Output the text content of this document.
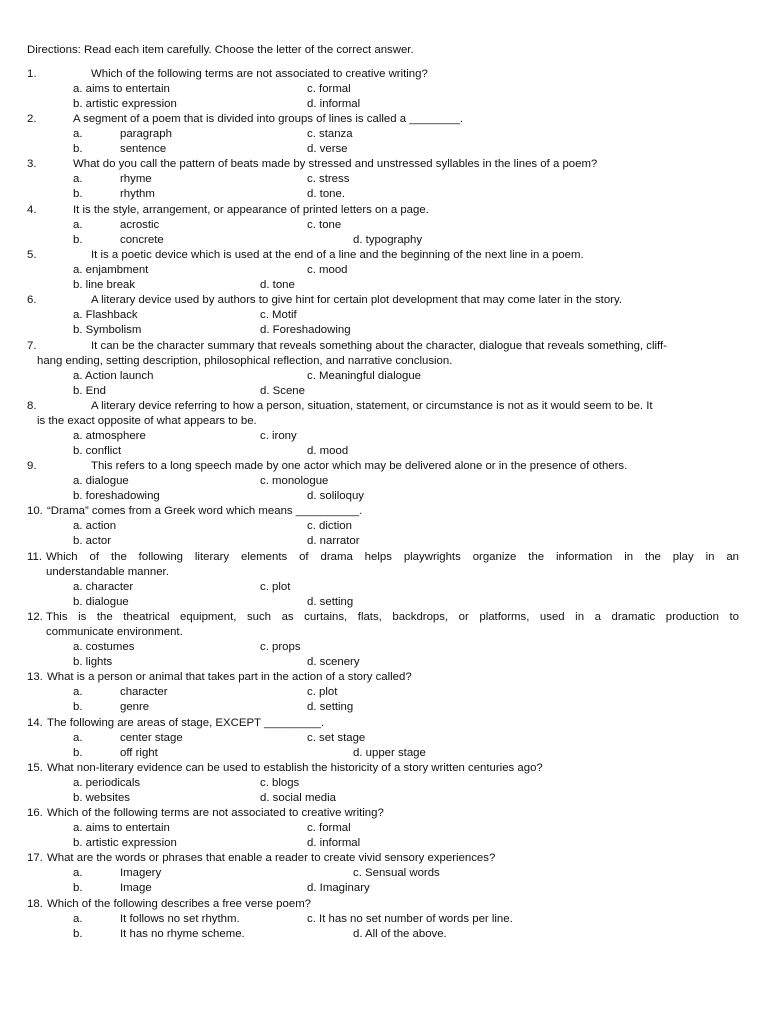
Directions: Read each item carefully. Choose the letter of the correct answer.
1.	Which of the following terms are not associated to creative writing?
a. aims to entertain
b. artistic expression
c. formal
d. informal
2.	A segment of a poem that is divided into groups of lines is called a ________.
a.	paragraph
b.	sentence
c. stanza
d. verse
3.	What do you call the pattern of beats made by stressed and unstressed syllables in the lines of a poem?
a.	rhyme
b.	rhythm
c. stress
d. tone.
4.	It is the style, arrangement, or appearance of printed letters on a page.
a.	acrostic
b.	concrete
c. tone
d. typography
5.	It is a poetic device which is used at the end of a line and the beginning of the next line in a poem.
a. enjambment
b. line break
c. mood
d. tone
6.	A literary device used by authors to give hint for certain plot development that may come later in the story.
a. Flashback
b. Symbolism
c. Motif
d. Foreshadowing
7.	It can be the character summary that reveals something about the character, dialogue that reveals something, cliff-
hang ending, setting description, philosophical reflection, and narrative conclusion.
a. Action launch
b. End
c. Meaningful dialogue
d. Scene
8.	A literary device referring to how a person, situation, statement, or circumstance is not as it would seem to be. It
is the exact opposite of what appears to be.
a. atmosphere
b. conflict
c. irony
d. mood
9.	This refers to a long speech made by one actor which may be delivered alone or in the presence of others.
a. dialogue
b. foreshadowing
c. monologue
d. soliloquy
10. “Drama” comes from a Greek word which means __________.
a. action
b. actor
c. diction
d. narrator
11. Which of the following literary elements of drama helps playwrights organize the information in the play in an
understandable manner.
a. character
b. dialogue
c. plot
d. setting
12. This is the theatrical equipment, such as curtains, flats, backdrops, or platforms, used in a dramatic production to
communicate environment.
a. costumes
b. lights
c. props
d. scenery
13. What is a person or animal that takes part in the action of a story called?
a.	character
b.	genre
c. plot
d. setting
14. The following are areas of stage, EXCEPT _________.
a.	center stage
b.	off right
c. set stage
d. upper stage
15. What non-literary evidence can be used to establish the historicity of a story written centuries ago?
a. periodicals
b. websites
c. blogs
d. social media
16. Which of the following terms are not associated to creative writing?
a. aims to entertain
b. artistic expression
c. formal
d. informal
17. What are the words or phrases that enable a reader to create vivid sensory experiences?
a.	Imagery
b.	Image
c. Sensual words
d. Imaginary
18. Which of the following describes a free verse poem?
a.	It follows no set rhythm.
b.	It has no rhyme scheme.
c. It has no set number of words per line.
d. All of the above.
